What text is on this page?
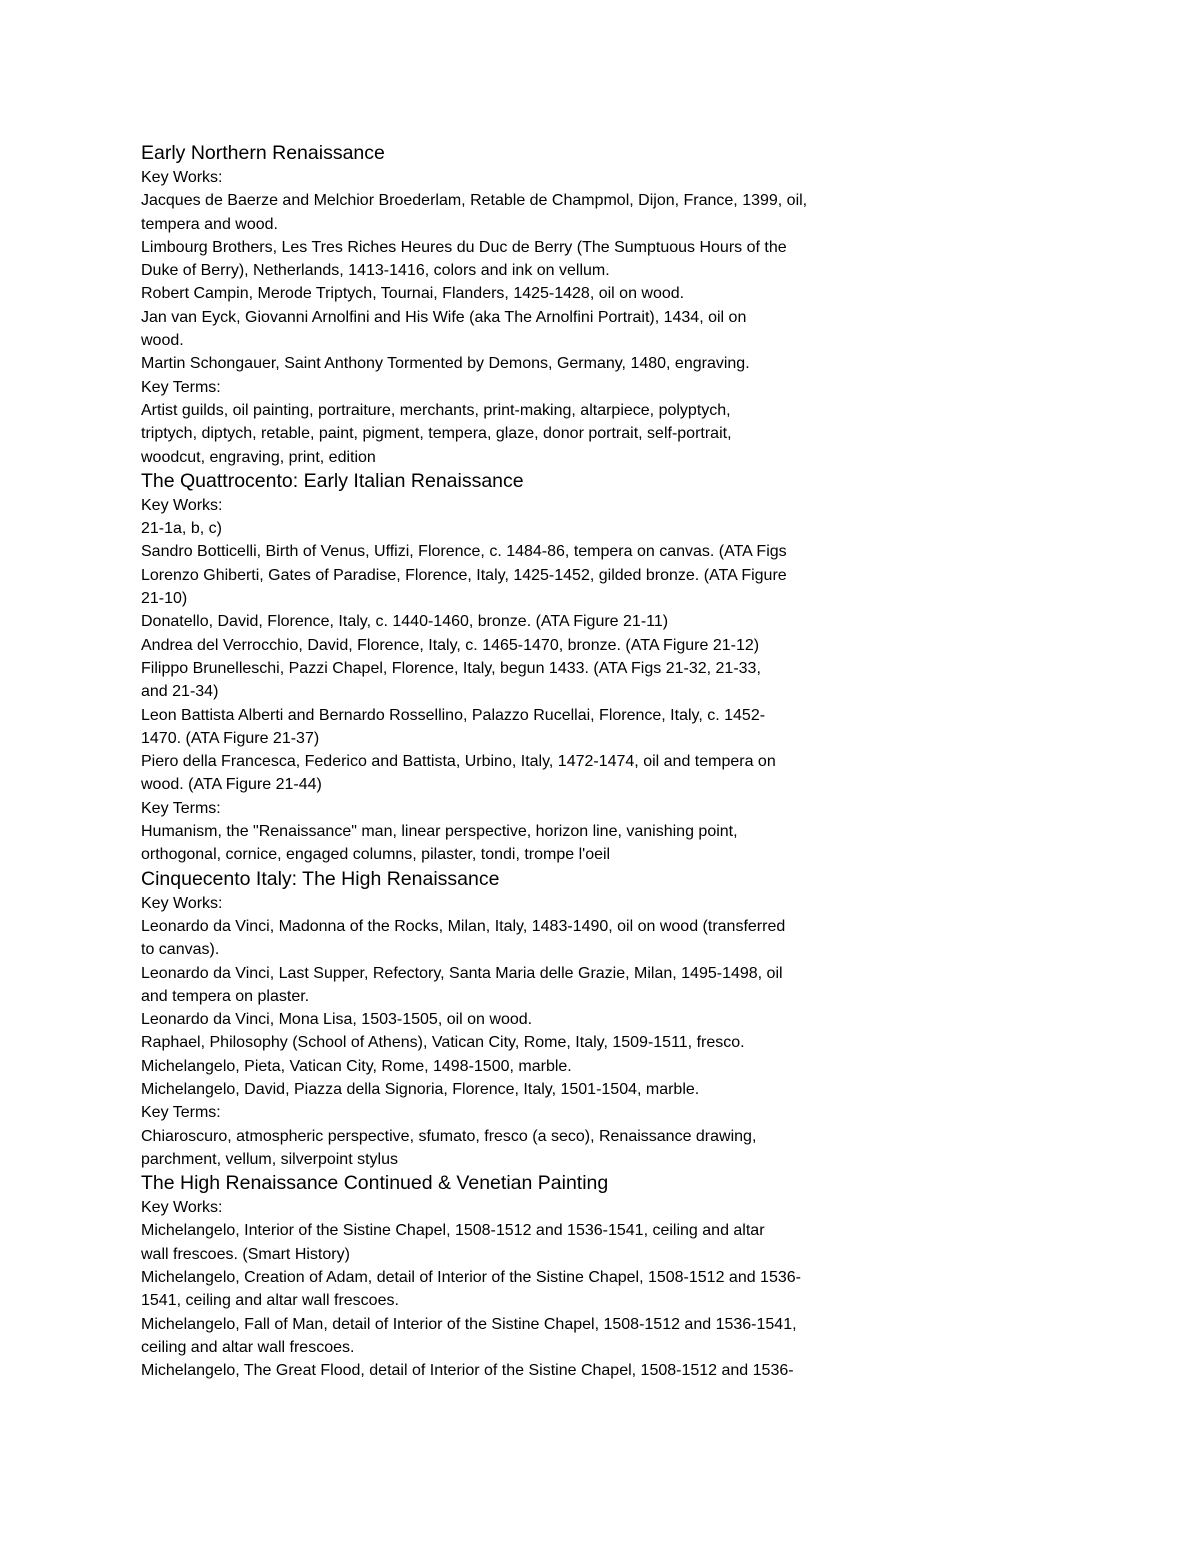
Early Northern Renaissance
Key Works:
Jacques de Baerze and Melchior Broederlam, Retable de Champmol, Dijon, France, 1399, oil,
tempera and wood.
Limbourg Brothers, Les Tres Riches Heures du Duc de Berry (The Sumptuous Hours of the
Duke of Berry), Netherlands, 1413-1416, colors and ink on vellum.
Robert Campin, Merode Triptych, Tournai, Flanders, 1425-1428, oil on wood.
Jan van Eyck, Giovanni Arnolfini and His Wife (aka The Arnolfini Portrait), 1434, oil on
wood.
Martin Schongauer, Saint Anthony Tormented by Demons, Germany, 1480, engraving.
Key Terms:
Artist guilds, oil painting, portraiture, merchants, print-making, altarpiece, polyptych,
triptych, diptych, retable, paint, pigment, tempera, glaze, donor portrait, self-portrait,
woodcut, engraving, print, edition
The Quattrocento: Early Italian Renaissance
Key Works:
21-1a, b, c)
Sandro Botticelli, Birth of Venus, Uffizi, Florence, c. 1484-86, tempera on canvas. (ATA Figs
Lorenzo Ghiberti, Gates of Paradise, Florence, Italy, 1425-1452, gilded bronze. (ATA Figure
21-10)
Donatello, David, Florence, Italy, c. 1440-1460, bronze. (ATA Figure 21-11)
Andrea del Verrocchio, David, Florence, Italy, c. 1465-1470, bronze. (ATA Figure 21-12)
Filippo Brunelleschi, Pazzi Chapel, Florence, Italy, begun 1433. (ATA Figs 21-32, 21-33,
and 21-34)
Leon Battista Alberti and Bernardo Rossellino, Palazzo Rucellai, Florence, Italy, c. 1452-
1470. (ATA Figure 21-37)
Piero della Francesca, Federico and Battista, Urbino, Italy, 1472-1474, oil and tempera on
wood. (ATA Figure 21-44)
Key Terms:
Humanism, the "Renaissance" man, linear perspective, horizon line, vanishing point,
orthogonal, cornice, engaged columns, pilaster, tondi, trompe l'oeil
Cinquecento Italy: The High Renaissance
Key Works:
Leonardo da Vinci, Madonna of the Rocks, Milan, Italy, 1483-1490, oil on wood (transferred
to canvas).
Leonardo da Vinci, Last Supper, Refectory, Santa Maria delle Grazie, Milan, 1495-1498, oil
and tempera on plaster.
Leonardo da Vinci, Mona Lisa, 1503-1505, oil on wood.
Raphael, Philosophy (School of Athens), Vatican City, Rome, Italy, 1509-1511, fresco.
Michelangelo, Pieta, Vatican City, Rome, 1498-1500, marble.
Michelangelo, David, Piazza della Signoria, Florence, Italy, 1501-1504, marble.
Key Terms:
Chiaroscuro, atmospheric perspective, sfumato, fresco (a seco), Renaissance drawing,
parchment, vellum, silverpoint stylus
The High Renaissance Continued & Venetian Painting
Key Works:
Michelangelo, Interior of the Sistine Chapel, 1508-1512 and 1536-1541, ceiling and altar
wall frescoes. (Smart History)
Michelangelo, Creation of Adam, detail of Interior of the Sistine Chapel, 1508-1512 and 1536-
1541, ceiling and altar wall frescoes.
Michelangelo, Fall of Man, detail of Interior of the Sistine Chapel, 1508-1512 and 1536-1541,
ceiling and altar wall frescoes.
Michelangelo, The Great Flood, detail of Interior of the Sistine Chapel, 1508-1512 and 1536-
